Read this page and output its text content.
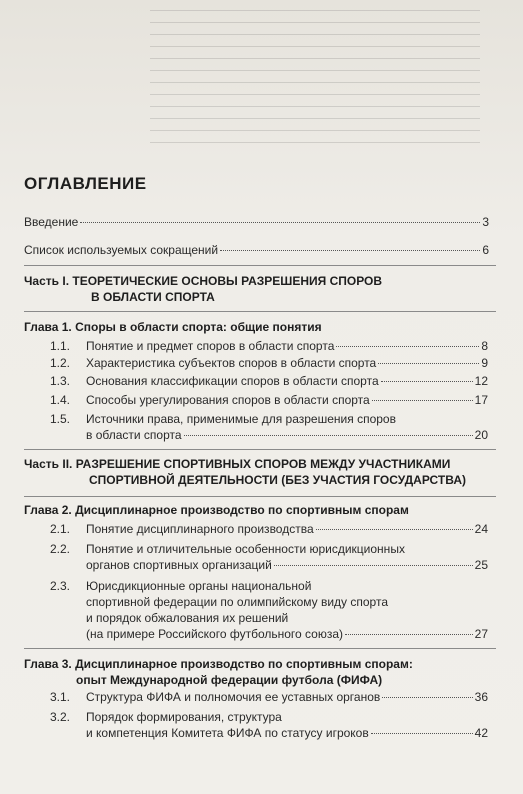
ОГЛАВЛЕНИЕ
Введение	3
Список используемых сокращений	6
Часть I. ТЕОРЕТИЧЕСКИЕ ОСНОВЫ РАЗРЕШЕНИЯ СПОРОВ
В ОБЛАСТИ СПОРТА
Глава 1. Споры в области спорта: общие понятия
1.1.	Понятие и предмет споров в области спорта	8
1.2.	Характеристика субъектов споров в области спорта	9
1.3.	Основания классификации споров в области спорта	12
1.4.	Способы урегулирования споров в области спорта	17
1.5.	Источники права, применимые для разрешения споров
в области спорта	20
Часть II. РАЗРЕШЕНИЕ СПОРТИВНЫХ СПОРОВ МЕЖДУ УЧАСТНИКАМИ
СПОРТИВНОЙ ДЕЯТЕЛЬНОСТИ (БЕЗ УЧАСТИЯ ГОСУДАРСТВА)
Глава 2. Дисциплинарное производство по спортивным спорам
2.1.	Понятие дисциплинарного производства	24
2.2.	Понятие и отличительные особенности юрисдикционных
органов спортивных организаций	25
2.3.	Юрисдикционные органы национальной
спортивной федерации по олимпийскому виду спорта
и порядок обжалования их решений
(на примере Российского футбольного союза)	27
Глава 3. Дисциплинарное производство по спортивным спорам:
опыт Международной федерации футбола (ФИФА)
3.1.	Структура ФИФА и полномочия ее уставных органов	36
3.2.	Порядок формирования, структура
и компетенция Комитета ФИФА по статусу игроков	42
